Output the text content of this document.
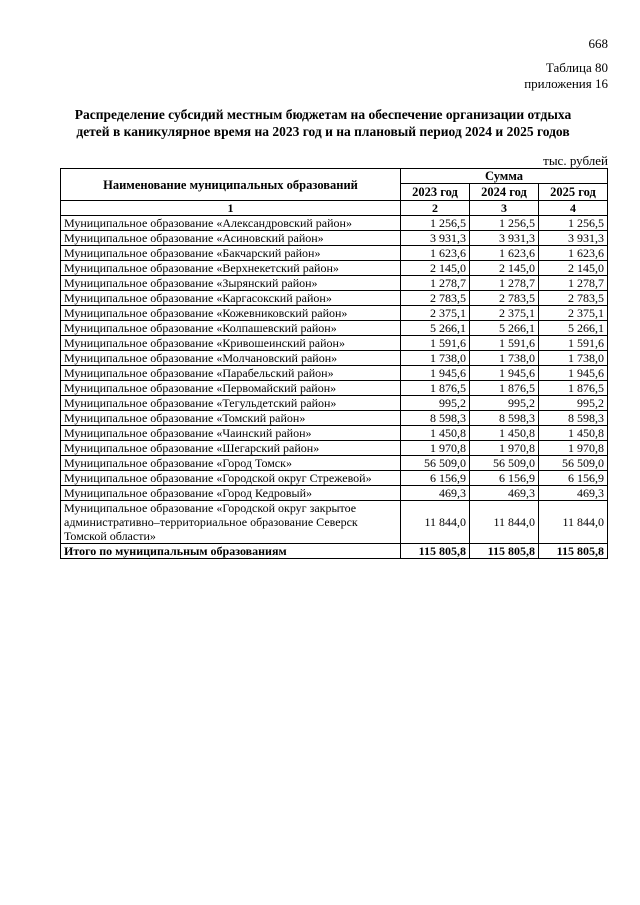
668
Таблица 80
приложения 16
Распределение субсидий местным бюджетам на обеспечение организации отдыха
детей в каникулярное время на 2023 год и на плановый период 2024 и 2025 годов
тыс. рублей
Наименование муниципальных образований	Сумма		
	2023 год	2024 год	2025 год
1	2	3	4
Муниципальное образование «Александровский район»	1 256,5	1 256,5	1 256,5
Муниципальное образование «Асиновский район»	3 931,3	3 931,3	3 931,3
Муниципальное образование «Бакчарский район»	1 623,6	1 623,6	1 623,6
Муниципальное образование «Верхнекетский район»	2 145,0	2 145,0	2 145,0
Муниципальное образование «Зырянский район»	1 278,7	1 278,7	1 278,7
Муниципальное образование «Каргасокский район»	2 783,5	2 783,5	2 783,5
Муниципальное образование «Кожевниковский район»	2 375,1	2 375,1	2 375,1
Муниципальное образование «Колпашевский район»	5 266,1	5 266,1	5 266,1
Муниципальное образование «Кривошеинский район»	1 591,6	1 591,6	1 591,6
Муниципальное образование «Молчановский район»	1 738,0	1 738,0	1 738,0
Муниципальное образование «Парабельский район»	1 945,6	1 945,6	1 945,6
Муниципальное образование «Первомайский район»	1 876,5	1 876,5	1 876,5
Муниципальное образование «Тегульдетский район»	995,2	995,2	995,2
Муниципальное образование «Томский район»	8 598,3	8 598,3	8 598,3
Муниципальное образование «Чаинский район»	1 450,8	1 450,8	1 450,8
Муниципальное образование «Шегарский район»	1 970,8	1 970,8	1 970,8
Муниципальное образование «Город Томск»	56 509,0	56 509,0	56 509,0
Муниципальное образование «Городской округ Стрежевой»	6 156,9	6 156,9	6 156,9
Муниципальное образование «Город Кедровый»	469,3	469,3	469,3
Муниципальное образование «Городской округ закрытое административно–территориальное образование Северск Томской области»	11 844,0	11 844,0	11 844,0
Итого по муниципальным образованиям	115 805,8	115 805,8	115 805,8
